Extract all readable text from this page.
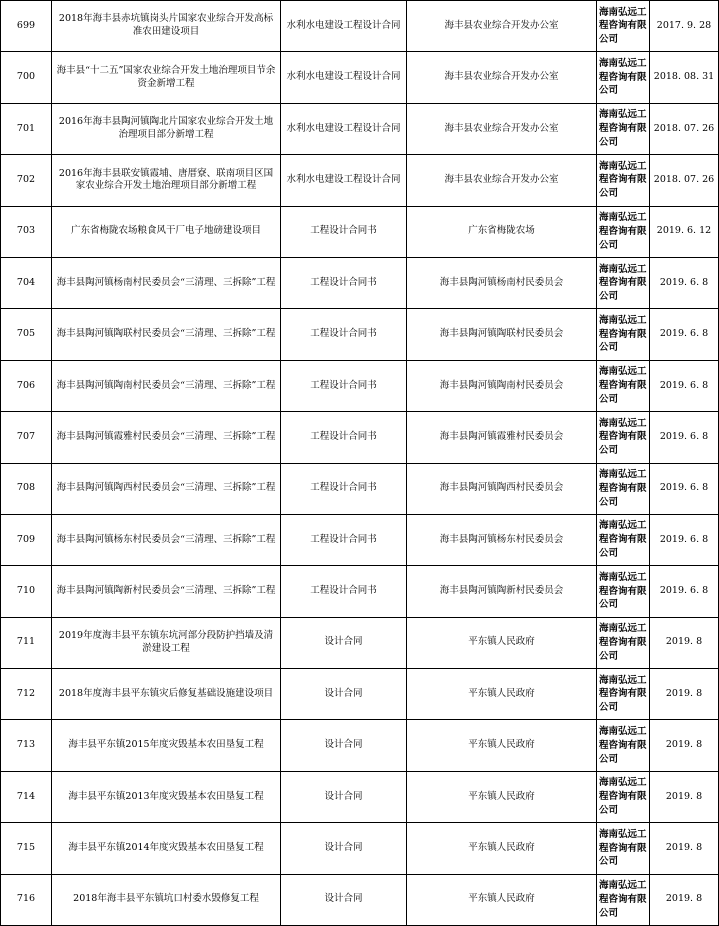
699	2018年海丰县赤坑镇岗头片国家农业综合开发高标准农田建设项目	水利水电建设工程设计合同	海丰县农业综合开发办公室	海南弘远工程咨询有限公司	2017. 9. 28
700	海丰县“十二五”国家农业综合开发土地治理项目节余资金新增工程	水利水电建设工程设计合同	海丰县农业综合开发办公室	海南弘远工程咨询有限公司	2018. 08. 31
701	2016年海丰县陶河镇陶北片国家农业综合开发土地治理项目部分新增工程	水利水电建设工程设计合同	海丰县农业综合开发办公室	海南弘远工程咨询有限公司	2018. 07. 26
702	2016年海丰县联安镇霞埔、唐厝寮、联南项目区国家农业综合开发土地治理项目部分新增工程	水利水电建设工程设计合同	海丰县农业综合开发办公室	海南弘远工程咨询有限公司	2018. 07. 26
703	广东省梅陇农场粮食风干厂电子地磅建设项目	工程设计合同书	广东省梅陇农场	海南弘远工程咨询有限公司	2019. 6. 12
704	海丰县陶河镇杨南村民委员会“三清理、三拆除”工程	工程设计合同书	海丰县陶河镇杨南村民委员会	海南弘远工程咨询有限公司	2019. 6. 8
705	海丰县陶河镇陶联村民委员会“三清理、三拆除”工程	工程设计合同书	海丰县陶河镇陶联村民委员会	海南弘远工程咨询有限公司	2019. 6. 8
706	海丰县陶河镇陶南村民委员会“三清理、三拆除”工程	工程设计合同书	海丰县陶河镇陶南村民委员会	海南弘远工程咨询有限公司	2019. 6. 8
707	海丰县陶河镇霞雅村民委员会“三清理、三拆除”工程	工程设计合同书	海丰县陶河镇霞雅村民委员会	海南弘远工程咨询有限公司	2019. 6. 8
708	海丰县陶河镇陶西村民委员会“三清理、三拆除”工程	工程设计合同书	海丰县陶河镇陶西村民委员会	海南弘远工程咨询有限公司	2019. 6. 8
709	海丰县陶河镇杨东村民委员会“三清理、三拆除”工程	工程设计合同书	海丰县陶河镇杨东村民委员会	海南弘远工程咨询有限公司	2019. 6. 8
710	海丰县陶河镇陶新村民委员会“三清理、三拆除”工程	工程设计合同书	海丰县陶河镇陶新村民委员会	海南弘远工程咨询有限公司	2019. 6. 8
711	2019年度海丰县平东镇东坑河部分段防护挡墙及清淤建设工程	设计合同	平东镇人民政府	海南弘远工程咨询有限公司	2019. 8
712	2018年度海丰县平东镇灾后修复基础设施建设项目	设计合同	平东镇人民政府	海南弘远工程咨询有限公司	2019. 8
713	海丰县平东镇2015年度灾毁基本农田垦复工程	设计合同	平东镇人民政府	海南弘远工程咨询有限公司	2019. 8
714	海丰县平东镇2013年度灾毁基本农田垦复工程	设计合同	平东镇人民政府	海南弘远工程咨询有限公司	2019. 8
715	海丰县平东镇2014年度灾毁基本农田垦复工程	设计合同	平东镇人民政府	海南弘远工程咨询有限公司	2019. 8
716	2018年海丰县平东镇坑口村委水毁修复工程	设计合同	平东镇人民政府	海南弘远工程咨询有限公司	2019. 8
